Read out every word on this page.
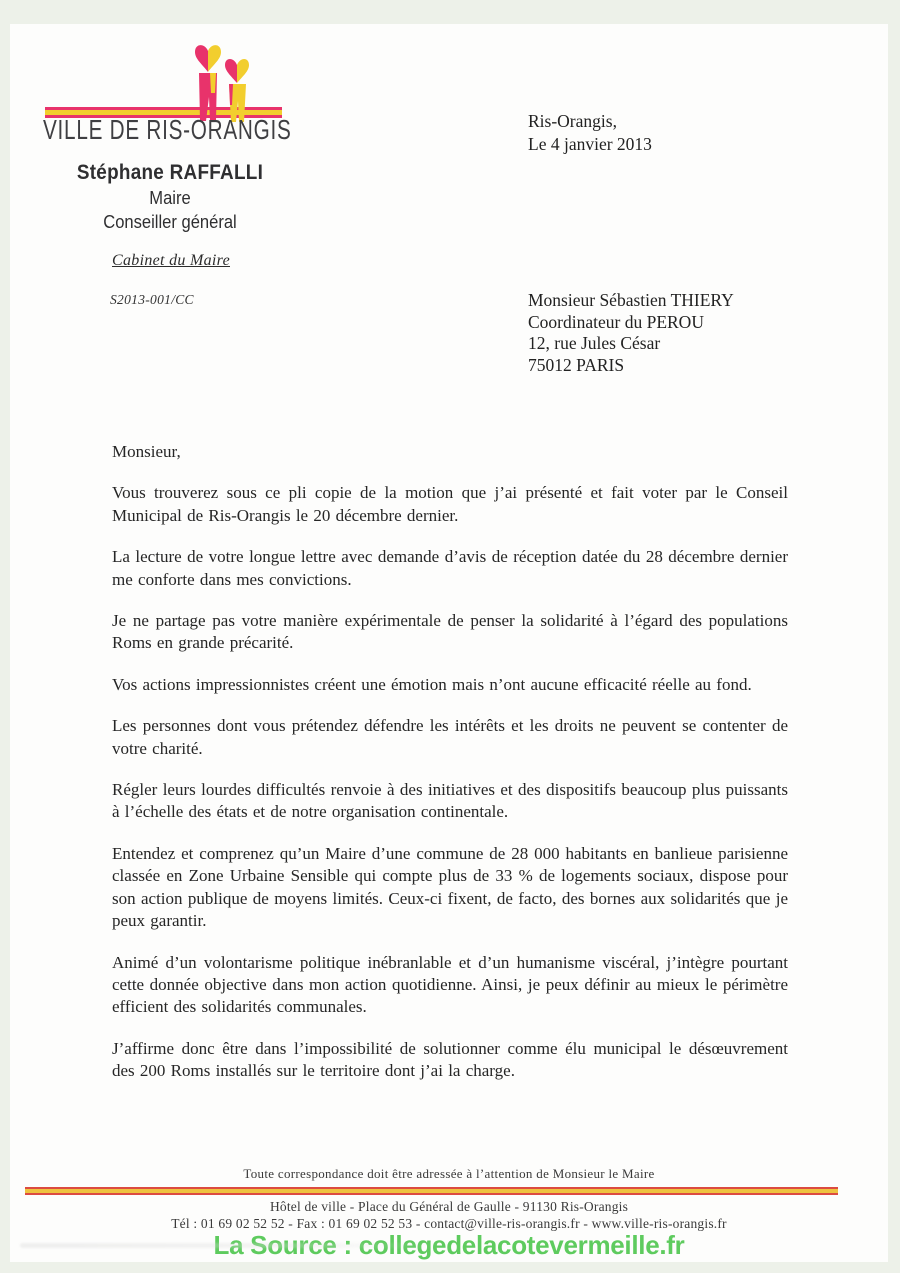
VILLE DE RIS-ORANGIS
Stéphane RAFFALLI
Maire
Conseiller général
Cabinet du Maire
S2013-001/CC
Ris-Orangis,
Le 4 janvier 2013
Monsieur Sébastien THIERY
Coordinateur du PEROU
12, rue Jules César
75012 PARIS

Monsieur,

Vous trouverez sous ce pli copie de la motion que j’ai présenté et fait voter par le Conseil Municipal de Ris-Orangis le 20 décembre dernier.

La lecture de votre longue lettre avec demande d’avis de réception datée du 28 décembre dernier me conforte dans mes convictions.

Je ne partage pas votre manière expérimentale de penser la solidarité à l’égard des populations Roms en grande précarité.

Vos actions impressionnistes créent une émotion mais n’ont aucune efficacité réelle au fond.

Les personnes dont vous prétendez défendre les intérêts et les droits ne peuvent se contenter de votre charité.

Régler leurs lourdes difficultés renvoie à des initiatives et des dispositifs beaucoup plus puissants à l’échelle des états et de notre organisation continentale.

Entendez et comprenez qu’un Maire d’une commune de 28 000 habitants en banlieue parisienne classée en Zone Urbaine Sensible qui compte plus de 33 % de logements sociaux, dispose pour son action publique de moyens limités. Ceux-ci fixent, de facto, des bornes aux solidarités que je peux garantir.

Animé d’un volontarisme politique inébranlable et d’un humanisme viscéral, j’intègre pourtant cette donnée objective dans mon action quotidienne. Ainsi, je peux définir au mieux le périmètre efficient des solidarités communales.

J’affirme donc être dans l’impossibilité de solutionner comme élu municipal le désœuvrement des 200 Roms installés sur le territoire dont j’ai la charge.

Toute correspondance doit être adressée à l’attention de Monsieur le Maire
Hôtel de ville - Place du Général de Gaulle - 91130 Ris-Orangis
Tél : 01 69 02 52 52 - Fax : 01 69 02 52 53 - contact@ville-ris-orangis.fr - www.ville-ris-orangis.fr
La Source : collegedelacotevermeille.fr
